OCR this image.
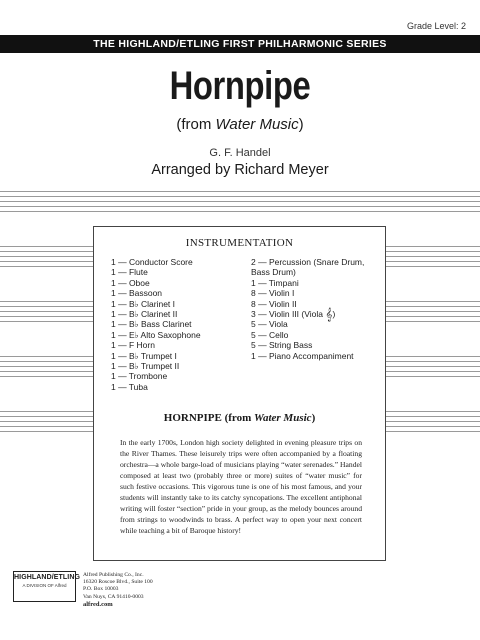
Grade Level: 2
THE HIGHLAND/ETLING FIRST PHILHARMONIC SERIES
Hornpipe
(from Water Music)
G. F. Handel
Arranged by Richard Meyer
INSTRUMENTATION
1 — Conductor Score
1 — Flute
1 — Oboe
1 — Bassoon
1 — B♭ Clarinet I
1 — B♭ Clarinet II
1 — B♭ Bass Clarinet
1 — E♭ Alto Saxophone
1 — F Horn
1 — B♭ Trumpet I
1 — B♭ Trumpet II
1 — Trombone
1 — Tuba
2 — Percussion (Snare Drum, Bass Drum)
1 — Timpani
8 — Violin I
8 — Violin II
3 — Violin III (Viola 𝄞)
5 — Viola
5 — Cello
5 — String Bass
1 — Piano Accompaniment
HORNPIPE (from Water Music)
In the early 1700s, London high society delighted in evening pleasure trips on the River Thames. These leisurely trips were often accompanied by a floating orchestra—a whole barge-load of musicians playing “water serenades.” Handel composed at least two (probably three or more) suites of “water music” for such festive occasions. This vigorous tune is one of his most famous, and your students will instantly take to its catchy syncopations. The excellent antiphonal writing will foster “section” pride in your group, as the melody bounces around from strings to woodwinds to brass. A perfect way to open your next concert while teaching a bit of Baroque history!
HIGHLAND/ETLING
A DIVISION OF Alfred
Alfred Publishing Co., Inc.
16320 Roscoe Blvd., Suite 100
P.O. Box 10003
Van Nuys, CA 91410-0003
alfred.com
